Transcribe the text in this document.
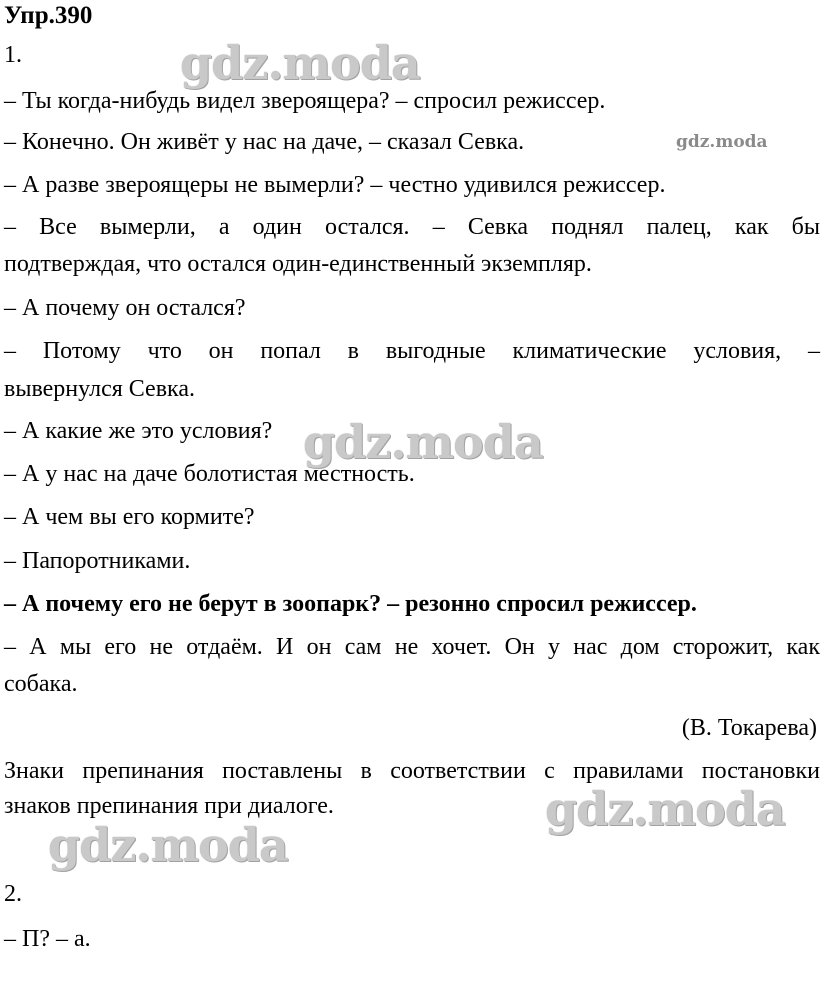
Упр.390
1.
– Ты когда-нибудь видел звероящера? – спросил режиссер.
– Конечно. Он живёт у нас на даче, – сказал Севка.
– А разве звероящеры не вымерли? – честно удивился режиссер.
– Все вымерли, а один остался. – Севка поднял палец, как бы
подтверждая, что остался один-единственный экземпляр.
– А почему он остался?
– Потому что он попал в выгодные климатические условия, –
вывернулся Севка.
– А какие же это условия?
– А у нас на даче болотистая местность.
– А чем вы его кормите?
– Папоротниками.
– А почему его не берут в зоопарк? – резонно спросил режиссер.
– А мы его не отдаём. И он сам не хочет. Он у нас дом сторожит, как
собака.
(В. Токарева)
Знаки препинания поставлены в соответствии с правилами постановки
знаков препинания при диалоге.
2.
– П? – а.
gdz.moda
gdz.moda
gdz.moda
gdz.moda
gdz.moda
